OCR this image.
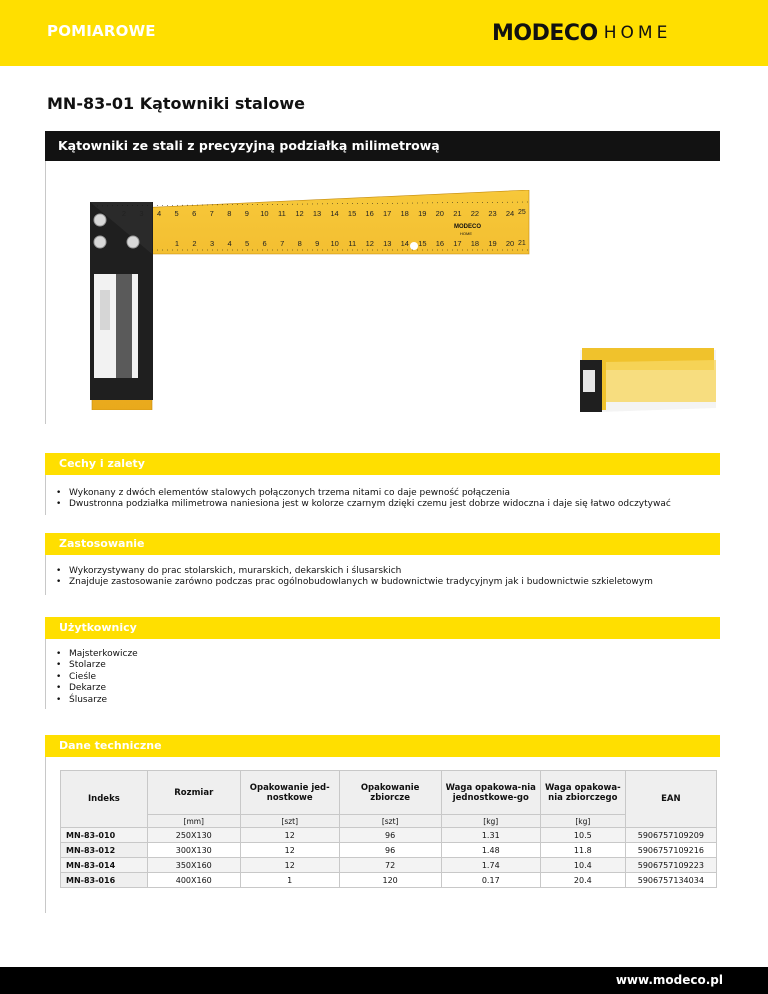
POMIAROWE	MODECO HOME
MN-83-01 Kątowniki stalowe
Kątowniki ze stali z precyzyjną podziałką milimetrową
2 3 4 5 6 7 8 9 10 11 12 13 14 15 16 17 18 19 20 21 22 23 24
1 2 3 4 5 6 7 8 9 10 11 12 13 14 15 16 17 18 19 20
MODECO
HOME
25
21
Cechy i zalety
• Wykonany z dwóch elementów stalowych połączonych trzema nitami co daje pewność połączenia
• Dwustronna podziałka milimetrowa naniesiona jest w kolorze czarnym dzięki czemu jest dobrze widoczna i daje się łatwo odczytywać
Zastosowanie
• Wykorzystywany do prac stolarskich, murarskich, dekarskich i ślusarskich
• Znajduje zastosowanie zarówno podczas prac ogólnobudowlanych w budownictwie tradycyjnym jak i budownictwie szkieletowym
Użytkownicy
• Majsterkowicze
• Stolarze
• Cieśle
• Dekarze
• Ślusarze
Dane techniczne
Indeks	Rozmiar	Opakowanie jed-nostkowe	Opakowanie zbiorcze	Waga opakowa-nia jednostkowe-go	Waga opakowa-nia zbiorczego	EAN
	[mm]	[szt]	[szt]	[kg]	[kg]	
MN-83-010	250X130	12	96	1.31	10.5	5906757109209
MN-83-012	300X130	12	96	1.48	11.8	5906757109216
MN-83-014	350X160	12	72	1.74	10.4	5906757109223
MN-83-016	400X160	1	120	0.17	20.4	5906757134034
www.modeco.pl
